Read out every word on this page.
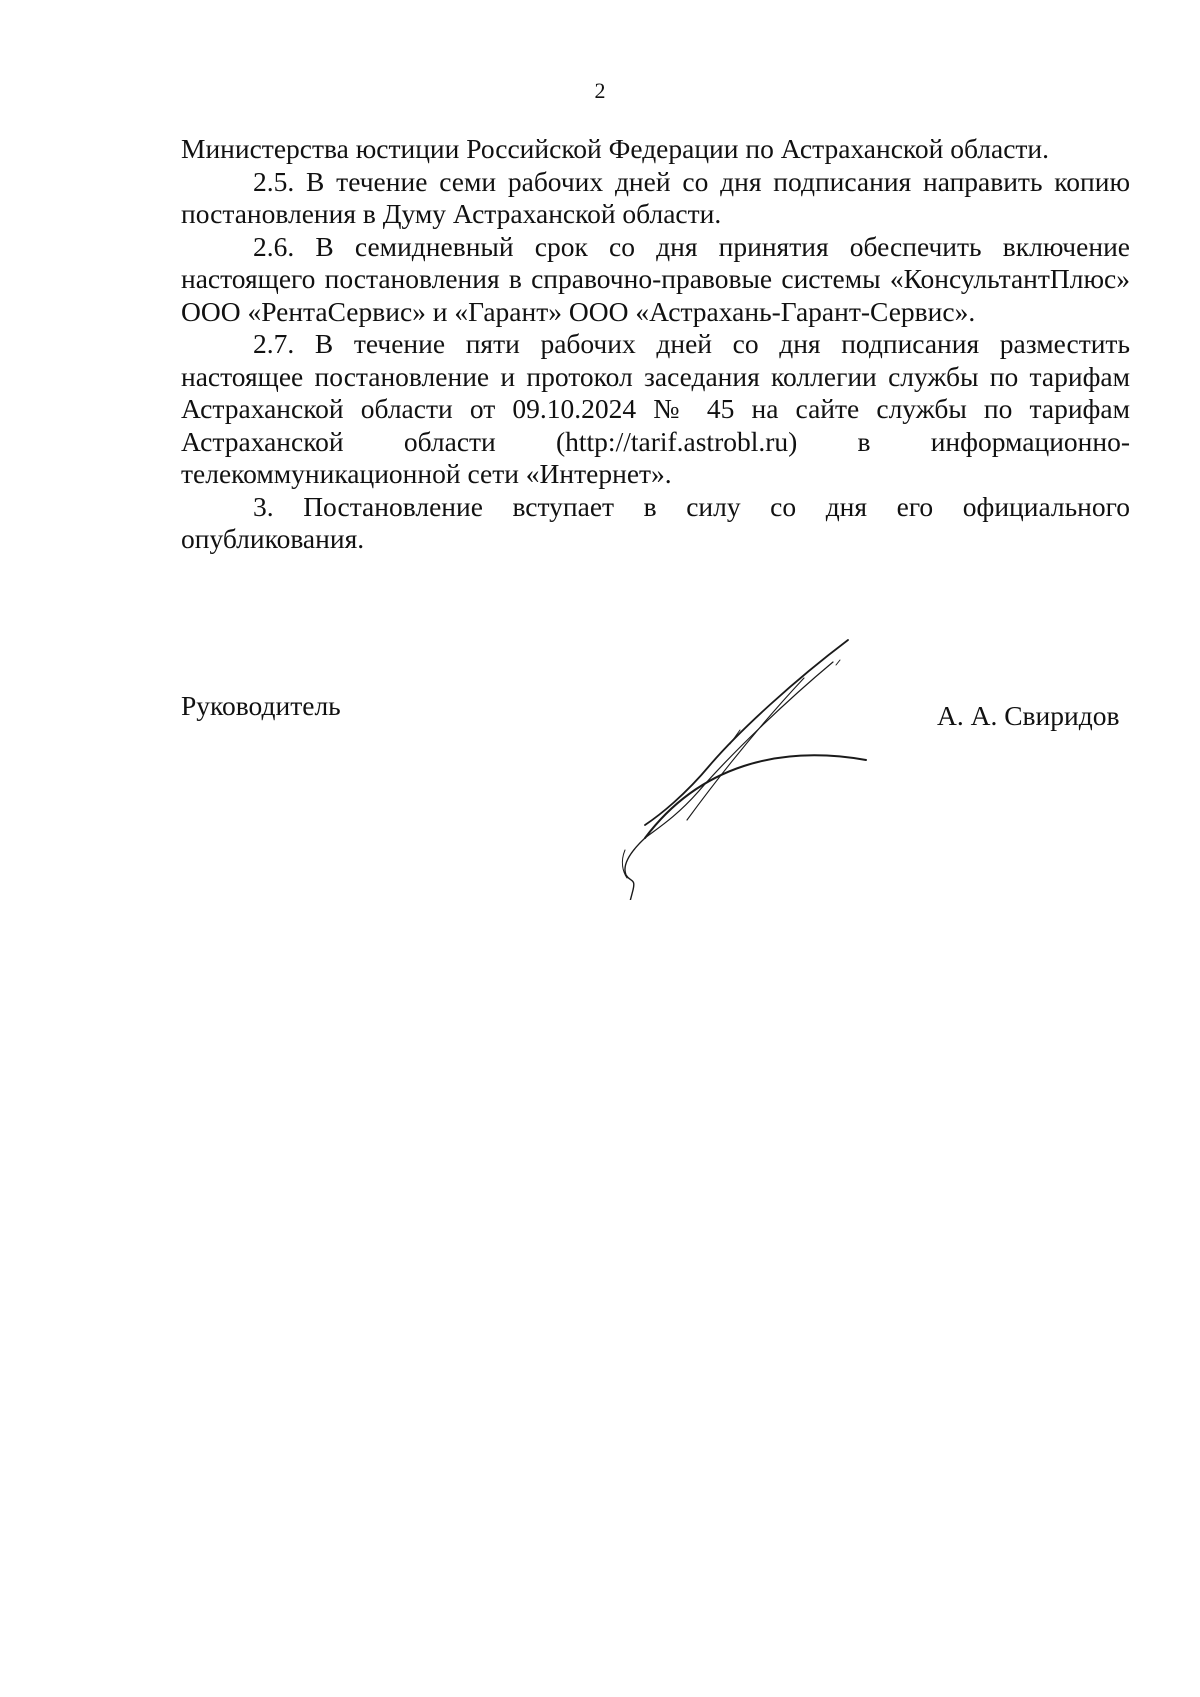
2

Министерства юстиции Российской Федерации по Астраханской области.

2.5. В течение семи рабочих дней со дня подписания направить копию постановления в Думу Астраханской области.

2.6. В семидневный срок со дня принятия обеспечить включение настоящего постановления в справочно-правовые системы «КонсультантПлюс» ООО «РентаСервис» и «Гарант» ООО «Астрахань-Гарант-Сервис».

2.7. В течение пяти рабочих дней со дня подписания разместить настоящее постановление и протокол заседания коллегии службы по тарифам Астраханской области от 09.10.2024 № 45 на сайте службы по тарифам Астраханской области (http://tarif.astrobl.ru) в информационно-телекоммуникационной сети «Интернет».

3. Постановление вступает в силу со дня его официального опубликования.

Руководитель	А. А. Свиридов
